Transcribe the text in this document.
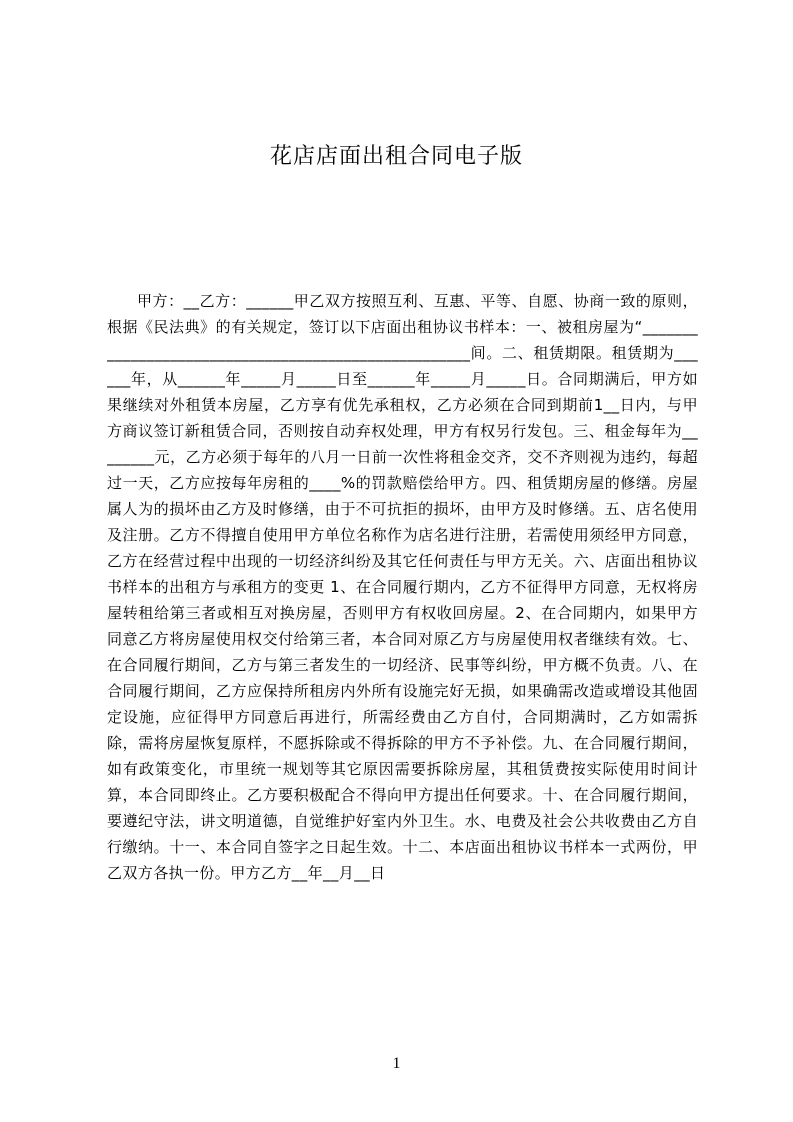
花店店面出租合同电子版

甲方：__乙方：______甲乙双方按照互利、互惠、平等、自愿、协商一致的原则，根据《民法典》的有关规定，签订以下店面出租协议书样本：一、被租房屋为“_____________________________________________________间。二、租赁期限。租赁期为______年，从______年_____月_____日至______年_____月_____日。合同期满后，甲方如果继续对外租赁本房屋，乙方享有优先承租权，乙方必须在合同到期前1__日内，与甲方商议签订新租赁合同，否则按自动弃权处理，甲方有权另行发包。三、租金每年为________元，乙方必须于每年的八月一日前一次性将租金交齐，交不齐则视为违约，每超过一天，乙方应按每年房租的____%的罚款赔偿给甲方。四、租赁期房屋的修缮。房屋属人为的损坏由乙方及时修缮，由于不可抗拒的损坏，由甲方及时修缮。五、店名使用及注册。乙方不得擅自使用甲方单位名称作为店名进行注册，若需使用须经甲方同意，乙方在经营过程中出现的一切经济纠纷及其它任何责任与甲方无关。六、店面出租协议书样本的出租方与承租方的变更 1、在合同履行期内，乙方不征得甲方同意，无权将房屋转租给第三者或相互对换房屋，否则甲方有权收回房屋。2、在合同期内，如果甲方同意乙方将房屋使用权交付给第三者，本合同对原乙方与房屋使用权者继续有效。七、在合同履行期间，乙方与第三者发生的一切经济、民事等纠纷，甲方概不负责。八、在合同履行期间，乙方应保持所租房内外所有设施完好无损，如果确需改造或增设其他固定设施，应征得甲方同意后再进行，所需经费由乙方自付，合同期满时，乙方如需拆除，需将房屋恢复原样，不愿拆除或不得拆除的甲方不予补偿。九、在合同履行期间，如有政策变化，市里统一规划等其它原因需要拆除房屋，其租赁费按实际使用时间计算，本合同即终止。乙方要积极配合不得向甲方提出任何要求。十、在合同履行期间，要遵纪守法，讲文明道德，自觉维护好室内外卫生。水、电费及社会公共收费由乙方自行缴纳。十一、本合同自签字之日起生效。十二、本店面出租协议书样本一式两份，甲乙双方各执一份。甲方乙方__年__月__日

1
